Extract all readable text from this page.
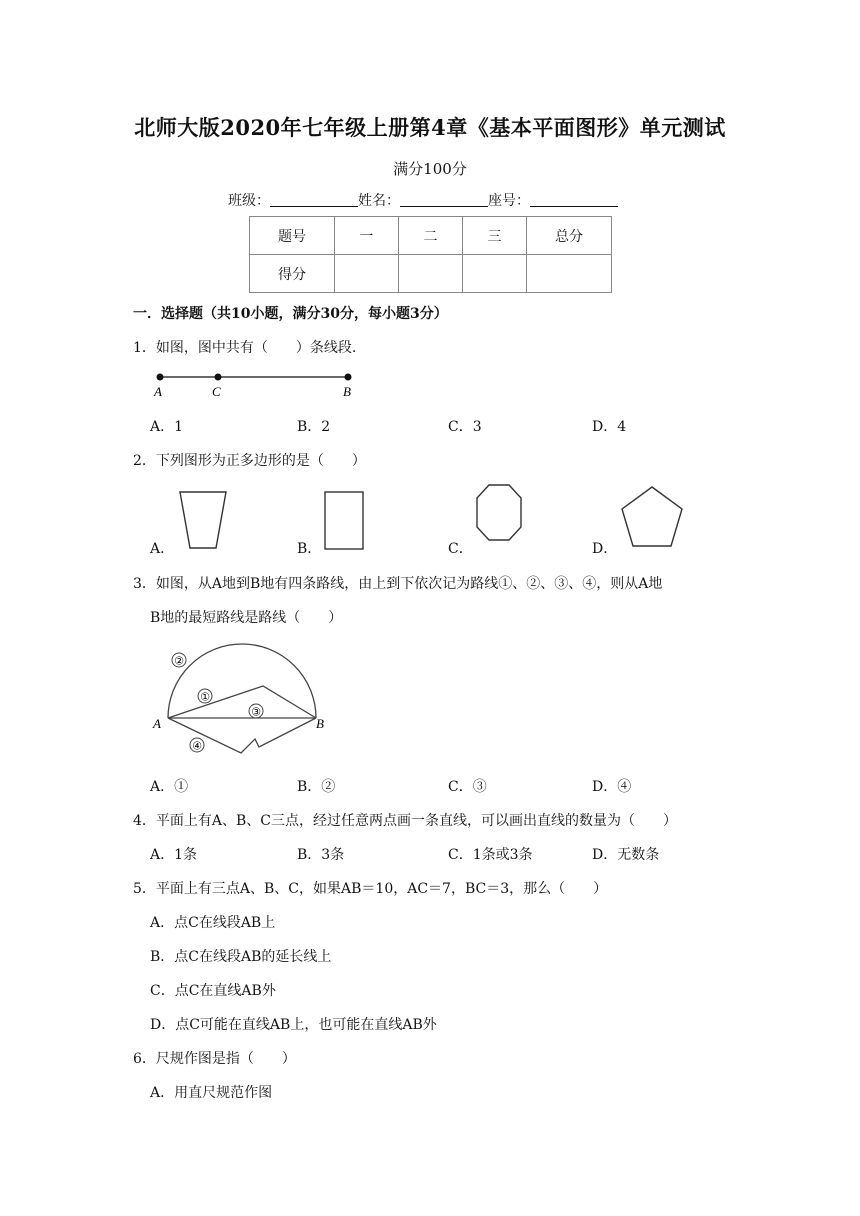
北师大版2020年七年级上册第4章《基本平面图形》单元测试
满分100分
班级：	姓名：	座号：
题号	一	二	三	总分
得分				
一．选择题（共10小题，满分30分，每小题3分）
1．如图，图中共有（　　）条线段.
A	C	B
A．1	B．2	C．3	D．4
2．下列图形为正多边形的是（　　）
A．	B．	C．	D．
3．如图，从A地到B地有四条路线，由上到下依次记为路线①、②、③、④，则从A地
B地的最短路线是路线（　　）
②
①
③
④
A	B
A．①	B．②	C．③	D．④
4．平面上有A、B、C三点，经过任意两点画一条直线，可以画出直线的数量为（　　）
A．1条	B．3条	C．1条或3条	D．无数条
5．平面上有三点A、B、C，如果AB＝10，AC＝7，BC＝3，那么（　　）
A．点C在线段AB上
B．点C在线段AB的延长线上
C．点C在直线AB外
D．点C可能在直线AB上，也可能在直线AB外
6．尺规作图是指（　　）
A．用直尺规范作图
